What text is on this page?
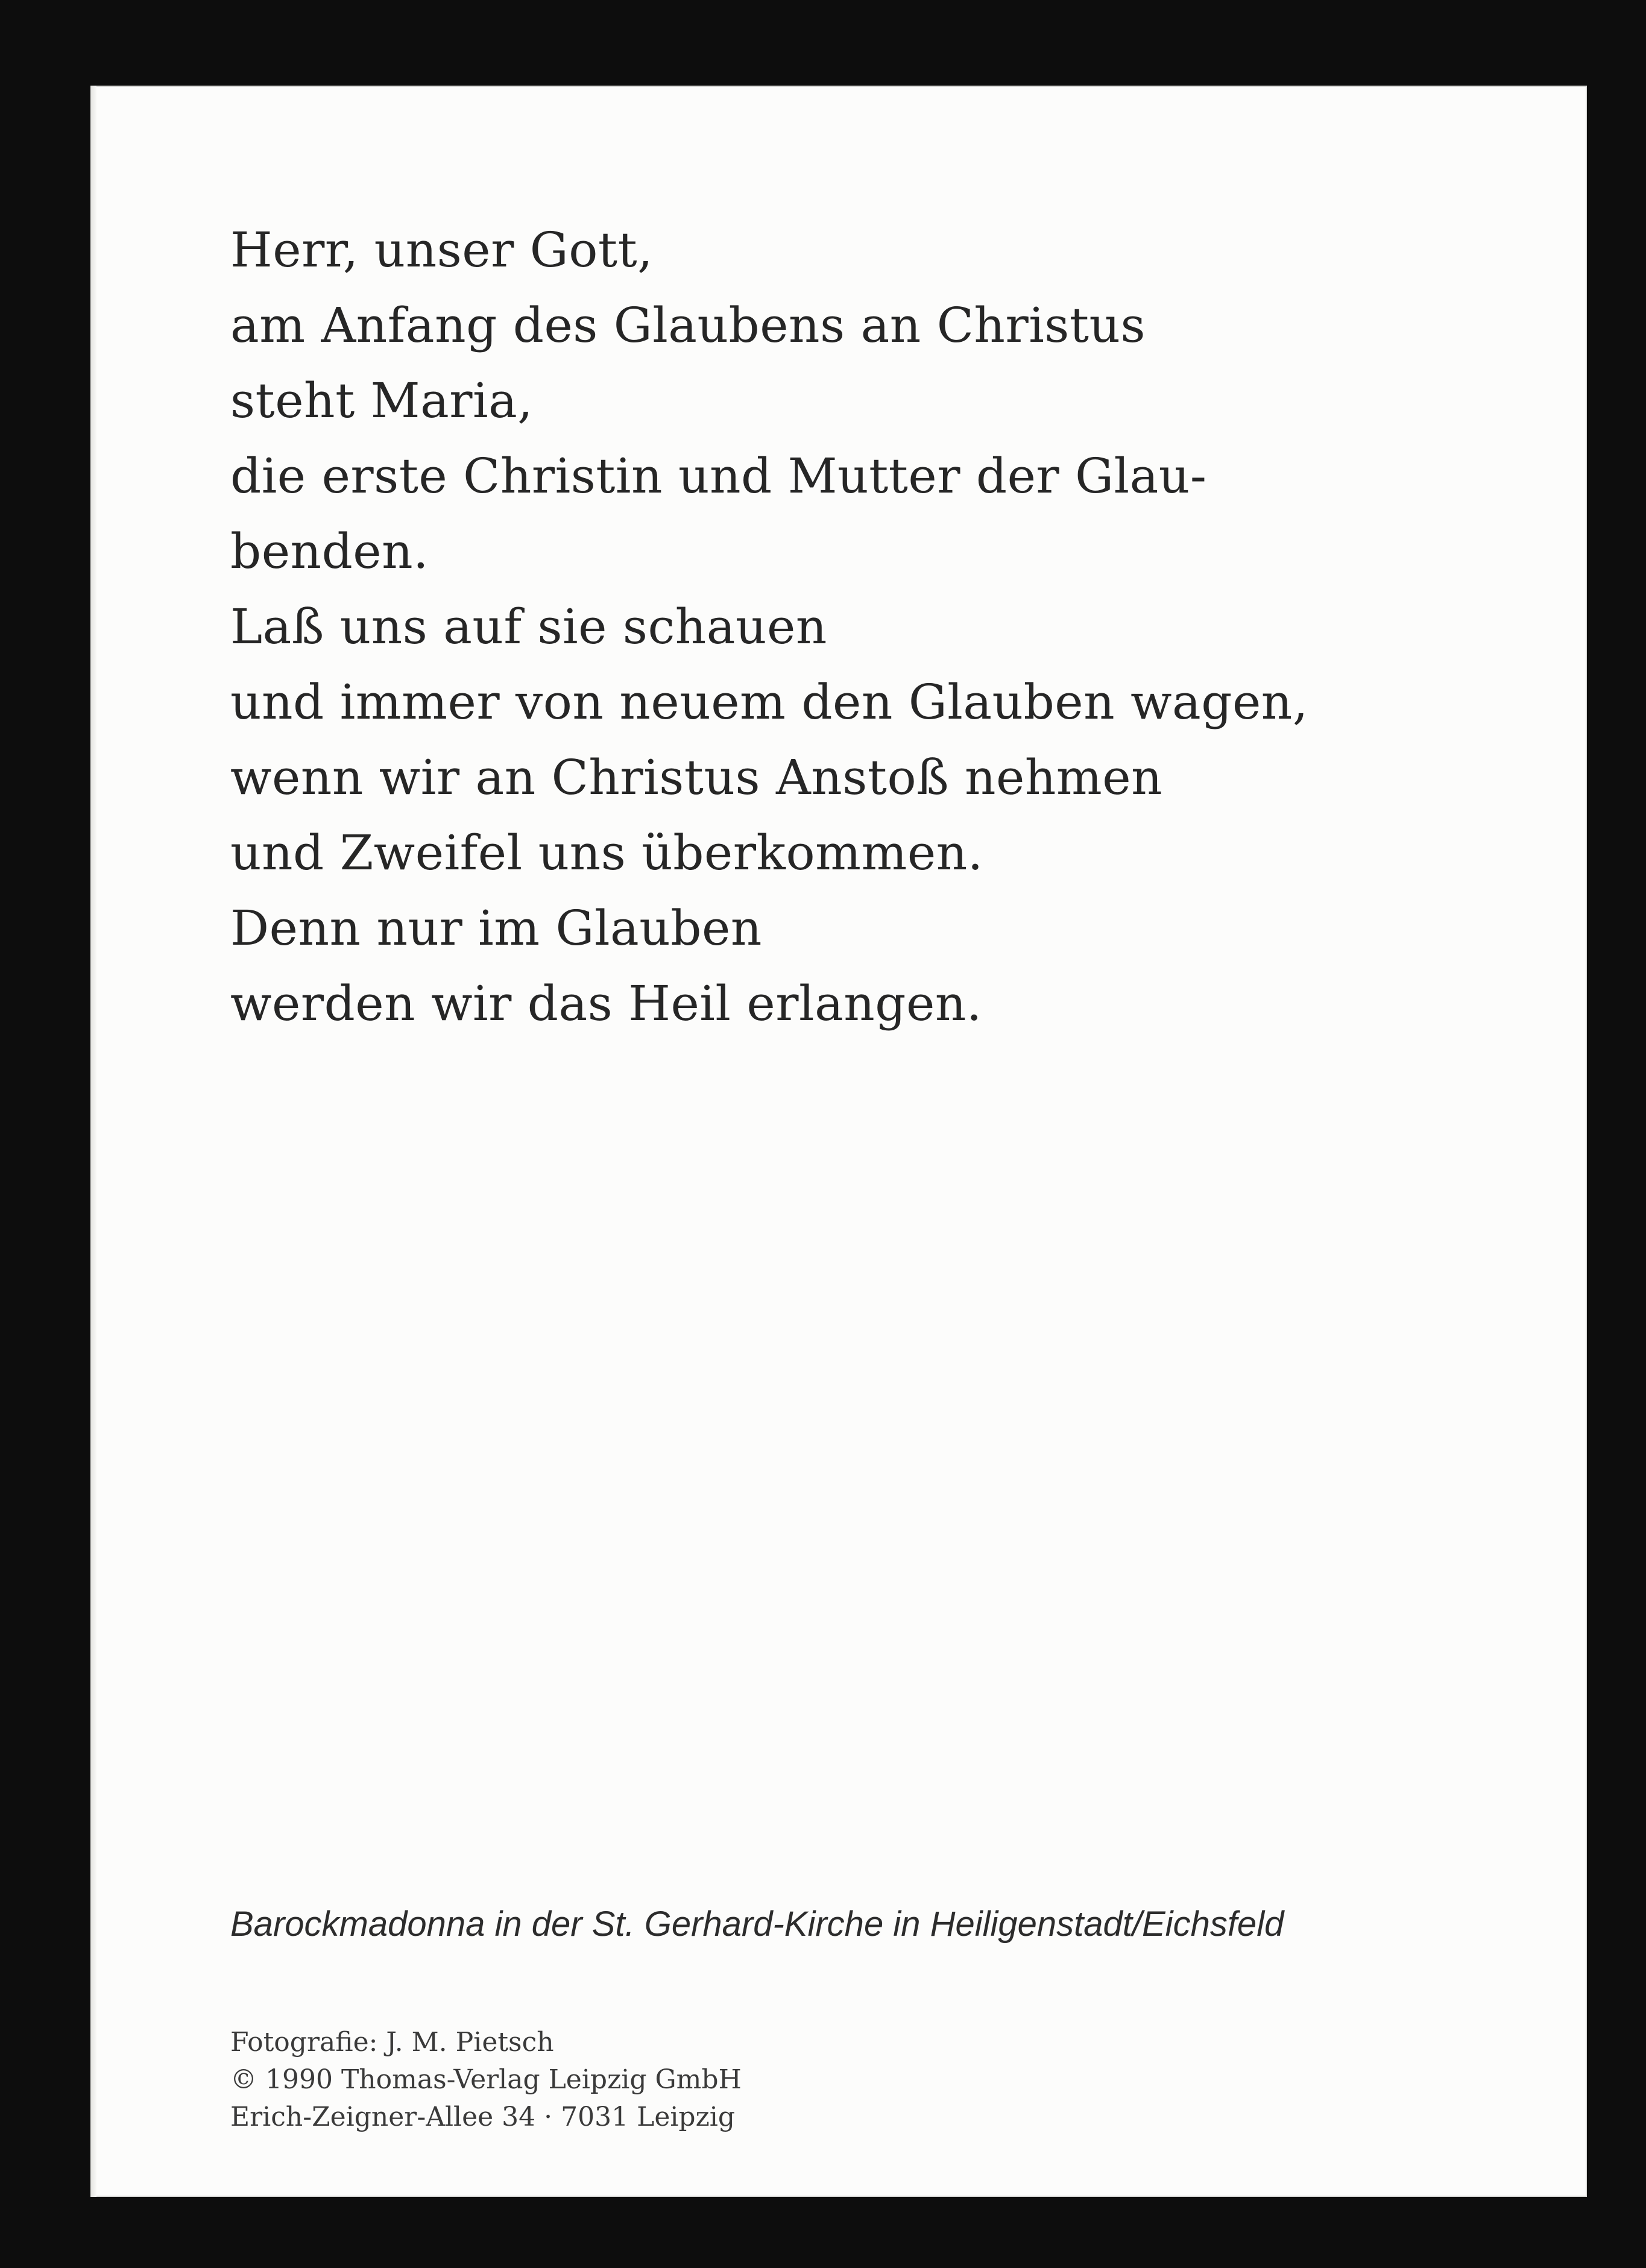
Herr, unser Gott,
am Anfang des Glaubens an Christus
steht Maria,
die erste Christin und Mutter der Glau-
benden.
Laß uns auf sie schauen
und immer von neuem den Glauben wagen,
wenn wir an Christus Anstoß nehmen
und Zweifel uns überkommen.
Denn nur im Glauben
werden wir das Heil erlangen.
Barockmadonna in der St. Gerhard-Kirche in Heiligenstadt/Eichsfeld
Fotografie: J. M. Pietsch
© 1990 Thomas-Verlag Leipzig GmbH
Erich-Zeigner-Allee 34 · 7031 Leipzig
